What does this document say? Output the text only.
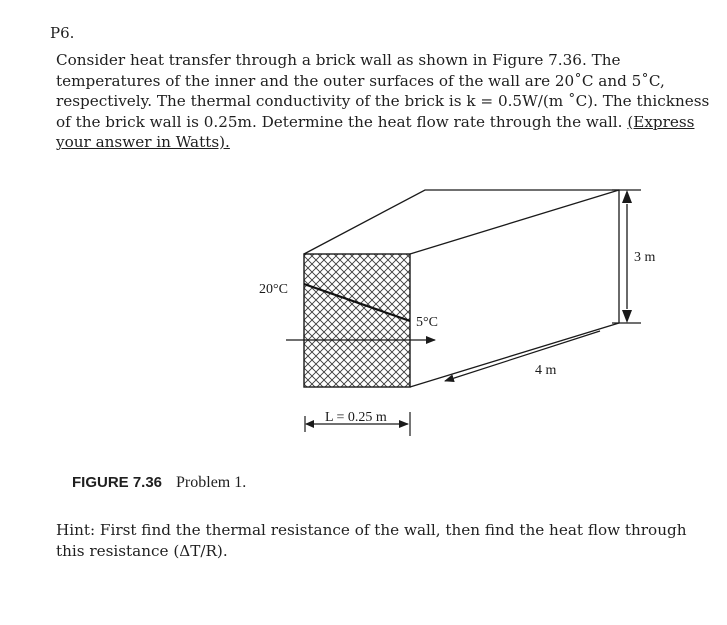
P6.

Consider heat transfer through a brick wall as shown in Figure 7.36. The temperatures of the inner and the outer surfaces of the wall are 20˚C and 5˚C, respectively. The thermal conductivity of the brick is k = 0.5W/(m ˚C). The thickness of the brick wall is 0.25m. Determine the heat flow rate through the wall. (Express your answer in Watts).

20°C
5°C
3 m
4 m
L = 0.25 m

FIGURE 7.36 Problem 1.

Hint: First find the thermal resistance of the wall, then find the heat flow through this resistance (ΔT/R).
